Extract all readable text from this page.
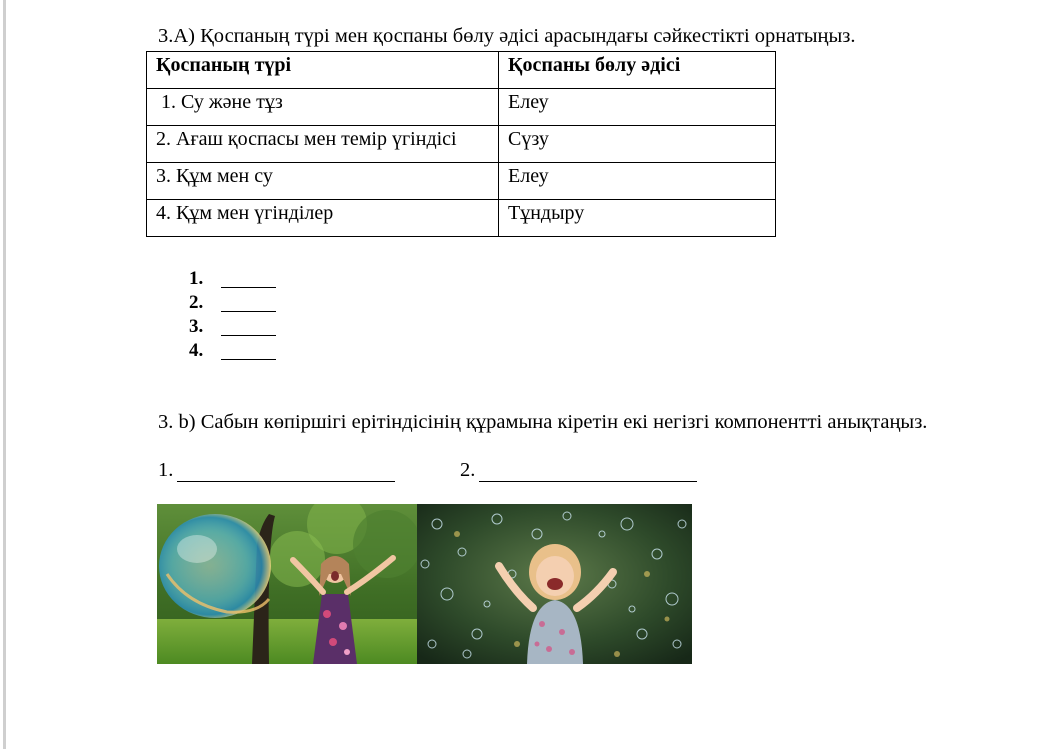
3.A) Қоспаның түрі мен қоспаны бөлу әдісі арасындағы сәйкестікті орнатыңыз.
Қоспаның түрі	Қоспаны бөлу әдісі
1. Су және тұз	Елеу
2. Ағаш қоспасы мен темір үгіндісі	Сүзу
3. Құм мен су	Елеу
4. Құм мен үгінділер	Тұндыру
1.
2.
3.
4.
3. b) Сабын көпіршігі ерітіндісінің құрамына кіретін екі негізгі компонентті анықтаңыз.
1.	2.
